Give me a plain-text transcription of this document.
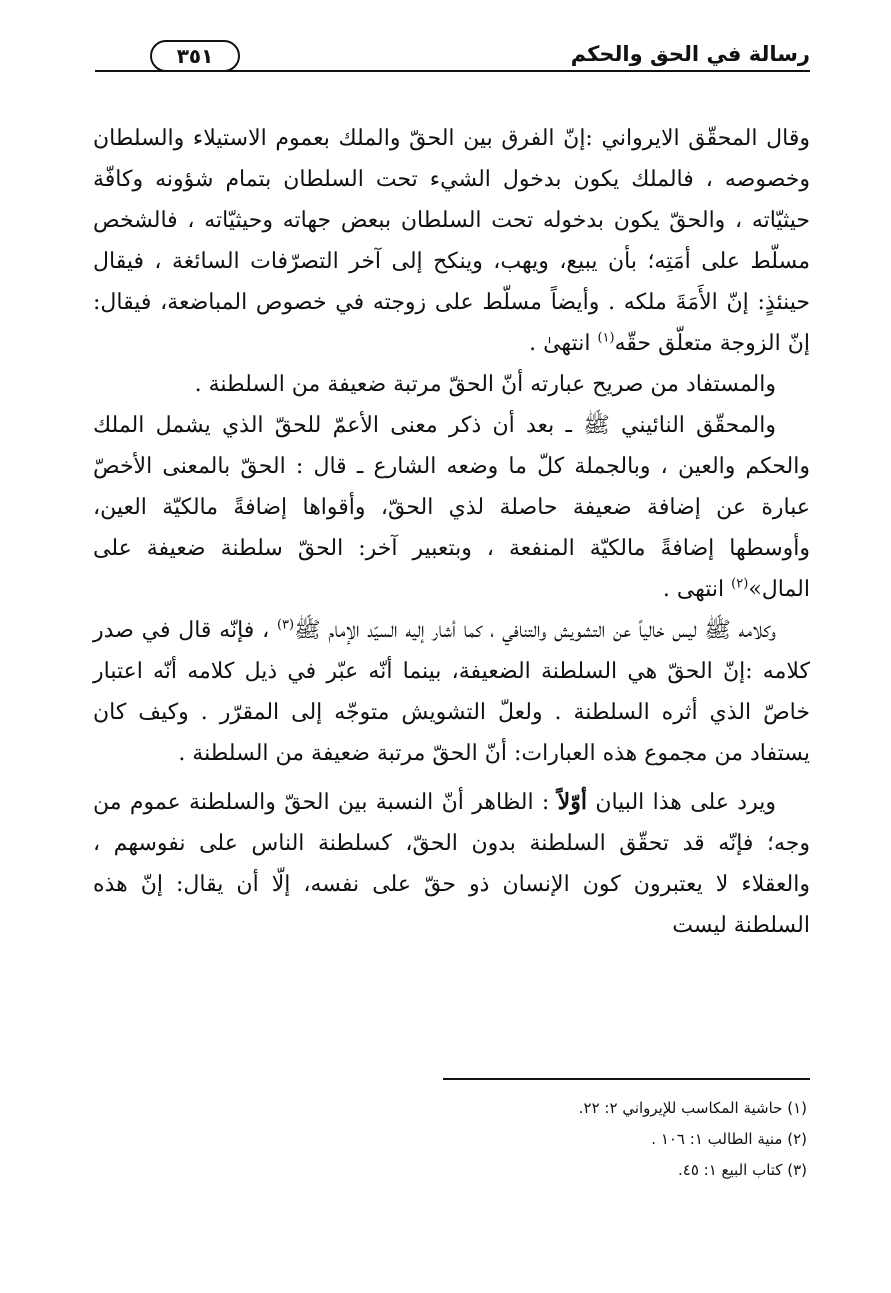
رسالة في الحق والحكم
٣٥١

وقال المحقّق الايرواني :إنّ الفرق بين الحقّ والملك بعموم الاستيلاء والسلطان وخصوصه ، فالملك يكون بدخول الشيء تحت السلطان بتمام شؤونه وكافّة حيثيّاته ، والحقّ يكون بدخوله تحت السلطان ببعض جهاته وحيثيّاته ، فالشخص مسلّط على أمَتِه؛ بأن يبيع، ويهب، وينكح إلى آخر التصرّفات السائغة ، فيقال حينئذٍ: إنّ الأَمَةَ ملكه . وأيضاً مسلّط على زوجته في خصوص المباضعة، فيقال: إنّ الزوجة متعلّق حقّه$^{(١)}$ انتهىٰ .

والمستفاد من صريح عبارته أنّ الحقّ مرتبة ضعيفة من السلطنة .

والمحقّق النائيني ﷺ ـ بعد أن ذكر معنى الأعمّ للحقّ الذي يشمل الملك والحكم والعين ، وبالجملة كلّ ما وضعه الشارع ـ قال : الحقّ بالمعنى الأخصّ عبارة عن إضافة ضعيفة حاصلة لذي الحقّ، وأقواها إضافةً مالكيّة العين، وأوسطها إضافةً مالكيّة المنفعة ، وبتعبير آخر: الحقّ سلطنة ضعيفة على المال»$^{(٢)}$ انتهى .

وكلامه ﷺ ليس خالياً عن التشويش والتنافي ، كما أشار إليه السيّد الإمام ﷺ$^{(٣)}$ ، فإنّه قال في صدر كلامه :إنّ الحقّ هي السلطنة الضعيفة، بينما أنّه عبّر في ذيل كلامه أنّه اعتبار خاصّ الذي أثره السلطنة . ولعلّ التشويش متوجّه إلى المقرّر . وكيف كان يستفاد من مجموع هذه العبارات: أنّ الحقّ مرتبة ضعيفة من السلطنة .

ويرد على هذا البيان أوّلاً : الظاهر أنّ النسبة بين الحقّ والسلطنة عموم من وجه؛ فإنّه قد تحقّق السلطنة بدون الحقّ، كسلطنة الناس على نفوسهم ، والعقلاء لا يعتبرون كون الإنسان ذو حقّ على نفسه، إلّا أن يقال: إنّ هذه السلطنة ليست

(١) حاشية المكاسب للإيرواني ٢: ٢٢.
(٢) منية الطالب ١: ١٠٦ .
(٣) كتاب البيع ١: ٤٥.
